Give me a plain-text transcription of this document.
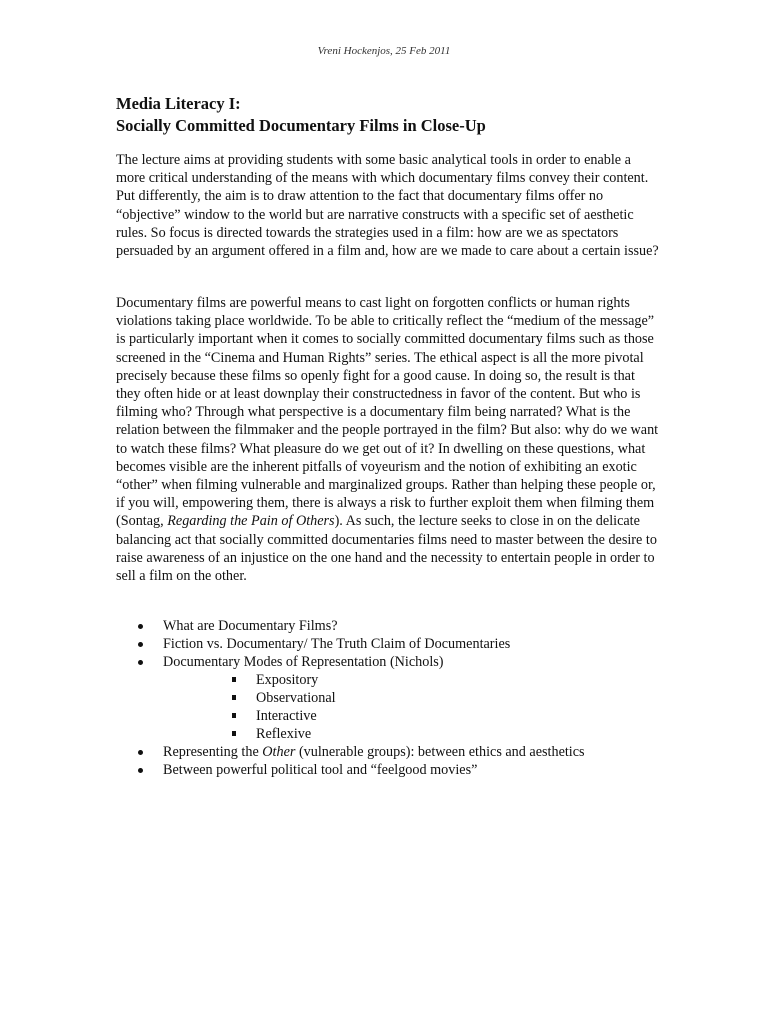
Vreni Hockenjos, 25 Feb 2011
Media Literacy I:
Socially Committed Documentary Films in Close-Up
The lecture aims at providing students with some basic analytical tools in order to enable a more critical understanding of the means with which documentary films convey their content. Put differently, the aim is to draw attention to the fact that documentary films offer no “objective” window to the world but are narrative constructs with a specific set of aesthetic rules. So focus is directed towards the strategies used in a film: how are we as spectators persuaded by an argument offered in a film and, how are we made to care about a certain issue?
Documentary films are powerful means to cast light on forgotten conflicts or human rights violations taking place worldwide. To be able to critically reflect the “medium of the message” is particularly important when it comes to socially committed documentary films such as those screened in the “Cinema and Human Rights” series. The ethical aspect is all the more pivotal precisely because these films so openly fight for a good cause. In doing so, the result is that they often hide or at least downplay their constructedness in favor of the content. But who is filming who? Through what perspective is a documentary film being narrated? What is the relation between the filmmaker and the people portrayed in the film? But also: why do we want to watch these films? What pleasure do we get out of it? In dwelling on these questions, what becomes visible are the inherent pitfalls of voyeurism and the notion of exhibiting an exotic “other” when filming vulnerable and marginalized groups. Rather than helping these people or, if you will, empowering them, there is always a risk to further exploit them when filming them (Sontag, Regarding the Pain of Others). As such, the lecture seeks to close in on the delicate balancing act that socially committed documentaries films need to master between the desire to raise awareness of an injustice on the one hand and the necessity to entertain people in order to sell a film on the other.
What are Documentary Films?
Fiction vs. Documentary/ The Truth Claim of Documentaries
Documentary Modes of Representation (Nichols)
Expository
Observational
Interactive
Reflexive
Representing the Other (vulnerable groups): between ethics and aesthetics
Between powerful political tool and “feelgood movies”
